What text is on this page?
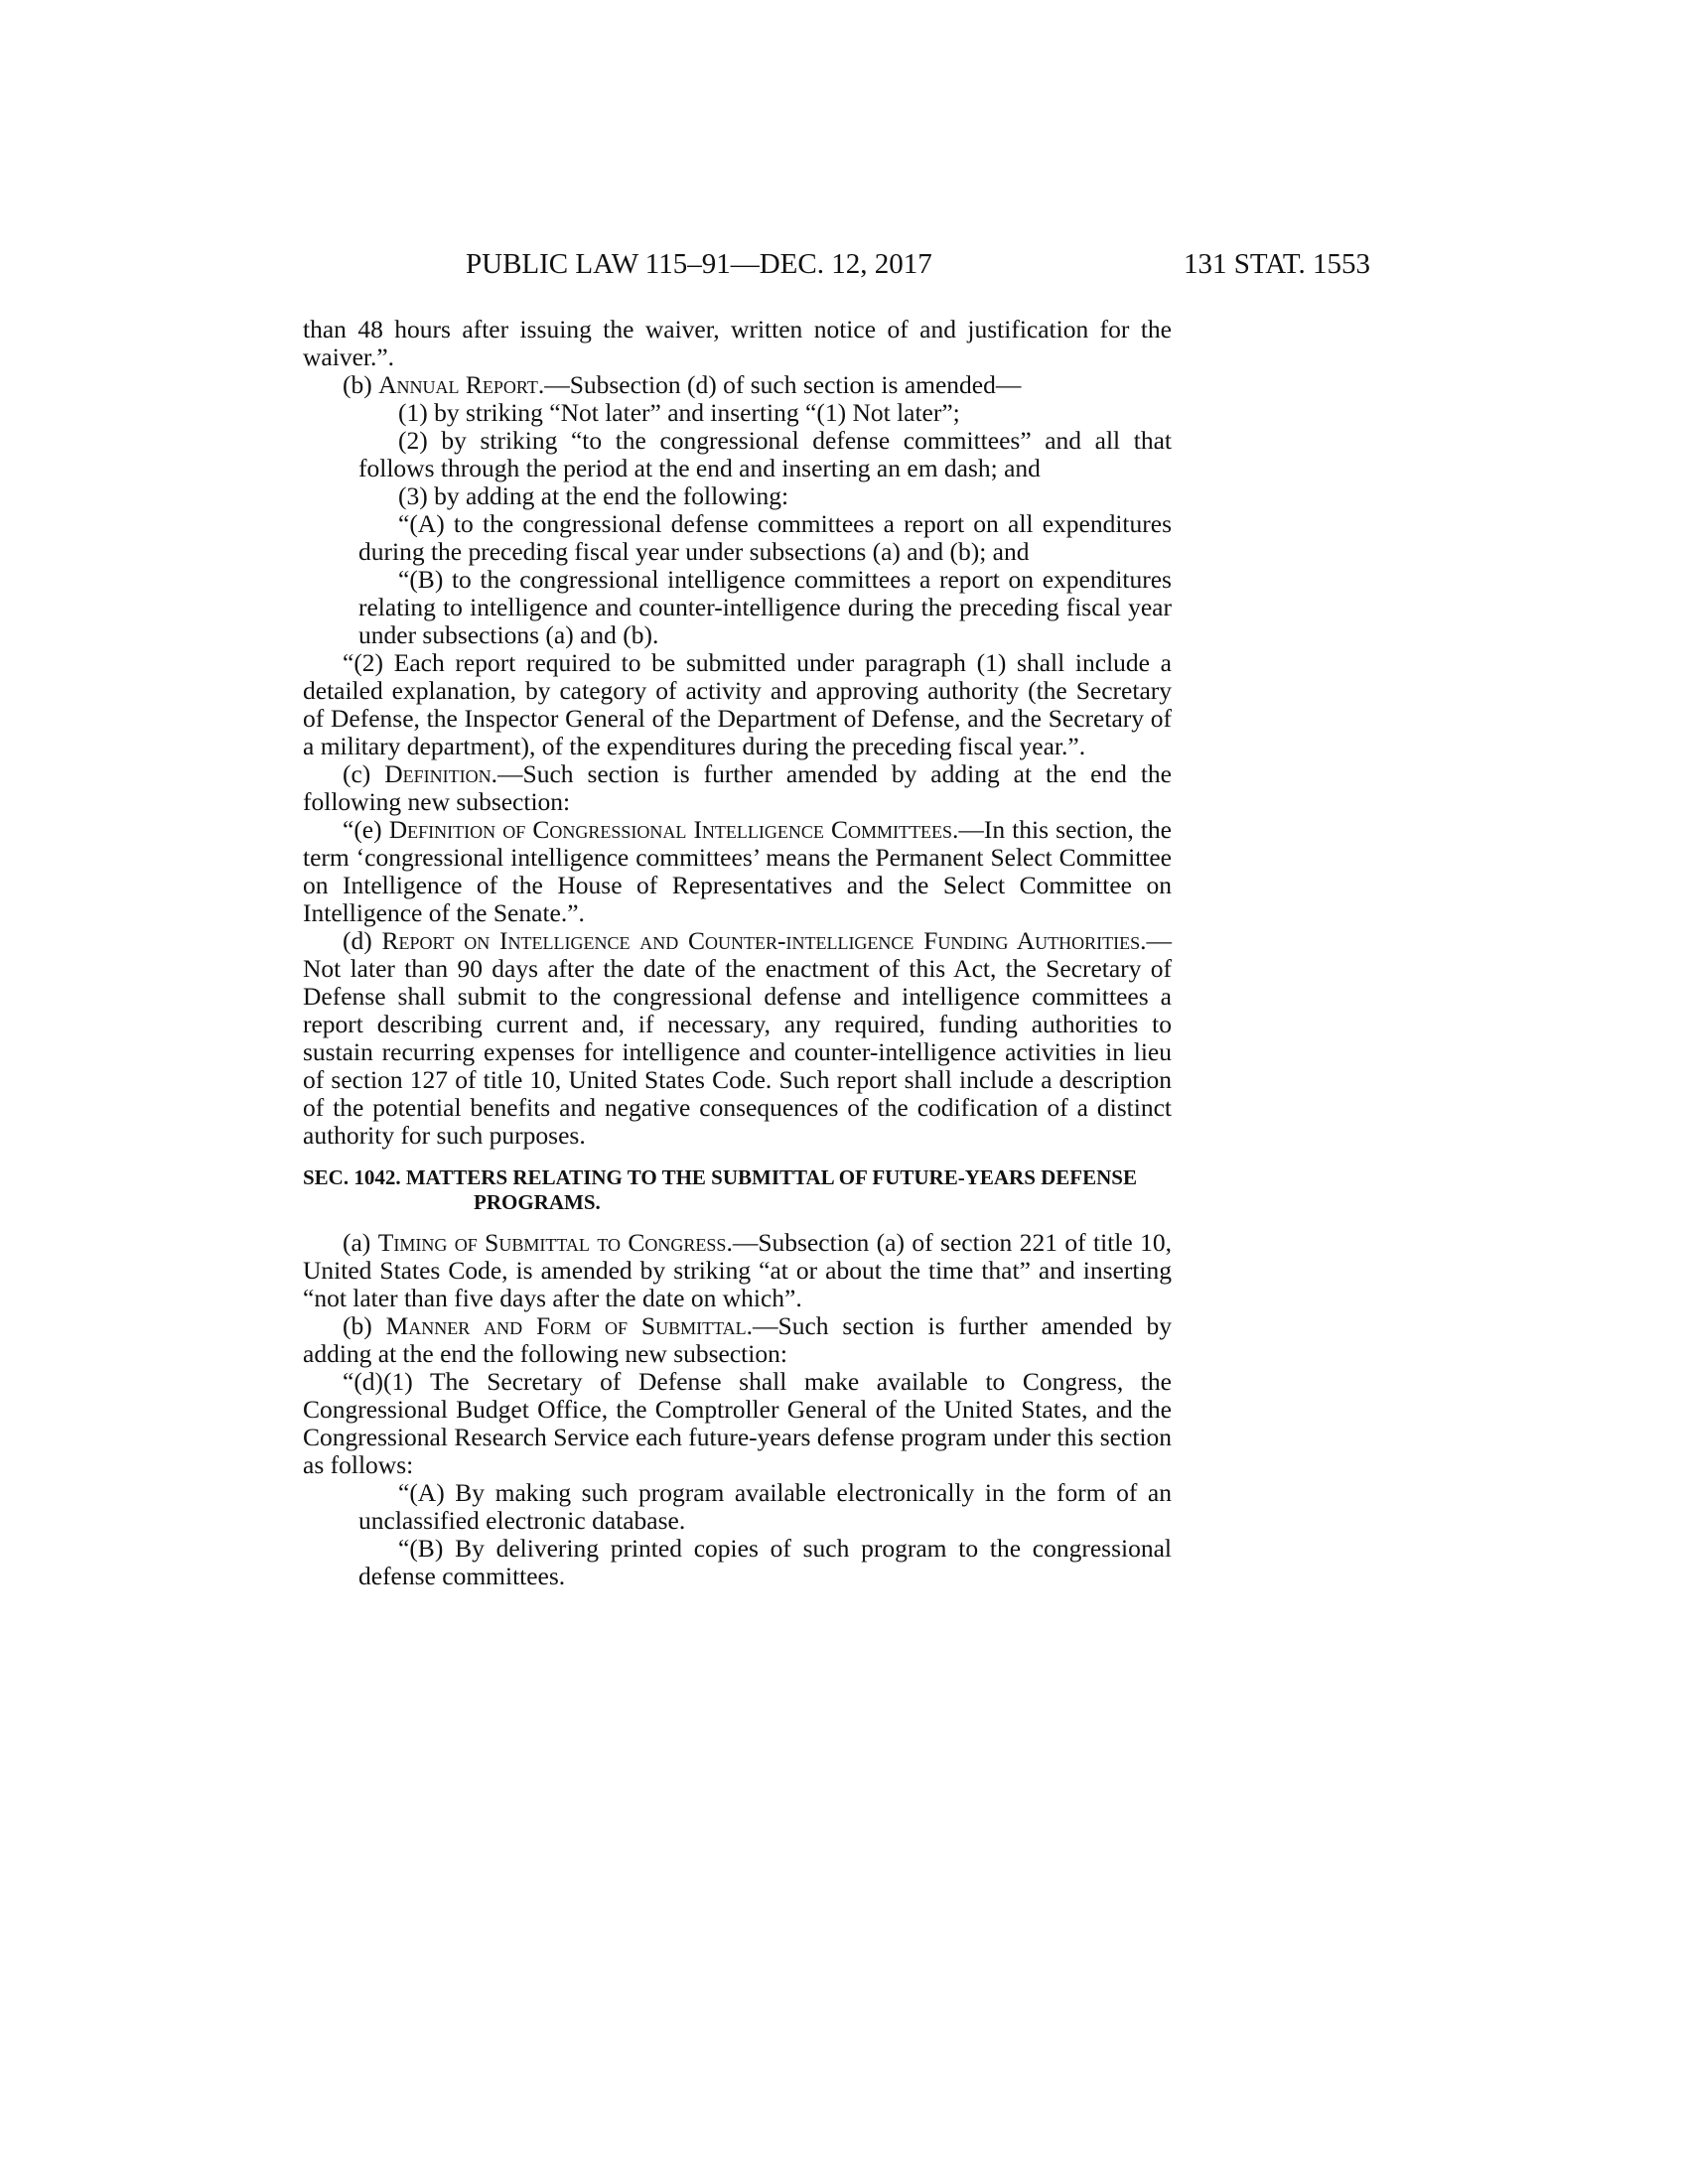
PUBLIC LAW 115–91—DEC. 12, 2017	131 STAT. 1553

than 48 hours after issuing the waiver, written notice of and justification for the waiver.”.

(b) Annual Report.—Subsection (d) of such section is amended—

(1) by striking “Not later” and inserting “(1) Not later”;

(2) by striking “to the congressional defense committees” and all that follows through the period at the end and inserting an em dash; and

(3) by adding at the end the following:

“(A) to the congressional defense committees a report on all expenditures during the preceding fiscal year under subsections (a) and (b); and

“(B) to the congressional intelligence committees a report on expenditures relating to intelligence and counter-intelligence during the preceding fiscal year under subsections (a) and (b).

“(2) Each report required to be submitted under paragraph (1) shall include a detailed explanation, by category of activity and approving authority (the Secretary of Defense, the Inspector General of the Department of Defense, and the Secretary of a military department), of the expenditures during the preceding fiscal year.”.

(c) Definition.—Such section is further amended by adding at the end the following new subsection:

“(e) Definition of Congressional Intelligence Committees.—In this section, the term ‘congressional intelligence committees’ means the Permanent Select Committee on Intelligence of the House of Representatives and the Select Committee on Intelligence of the Senate.”.

(d) Report on Intelligence and Counter-intelligence Funding Authorities.—Not later than 90 days after the date of the enactment of this Act, the Secretary of Defense shall submit to the congressional defense and intelligence committees a report describing current and, if necessary, any required, funding authorities to sustain recurring expenses for intelligence and counter-intelligence activities in lieu of section 127 of title 10, United States Code. Such report shall include a description of the potential benefits and negative consequences of the codification of a distinct authority for such purposes.

SEC. 1042. MATTERS RELATING TO THE SUBMITTAL OF FUTURE-YEARS DEFENSE PROGRAMS.

(a) Timing of Submittal to Congress.—Subsection (a) of section 221 of title 10, United States Code, is amended by striking “at or about the time that” and inserting “not later than five days after the date on which”.

(b) Manner and Form of Submittal.—Such section is further amended by adding at the end the following new subsection:

“(d)(1) The Secretary of Defense shall make available to Congress, the Congressional Budget Office, the Comptroller General of the United States, and the Congressional Research Service each future-years defense program under this section as follows:

“(A) By making such program available electronically in the form of an unclassified electronic database.

“(B) By delivering printed copies of such program to the congressional defense committees.
